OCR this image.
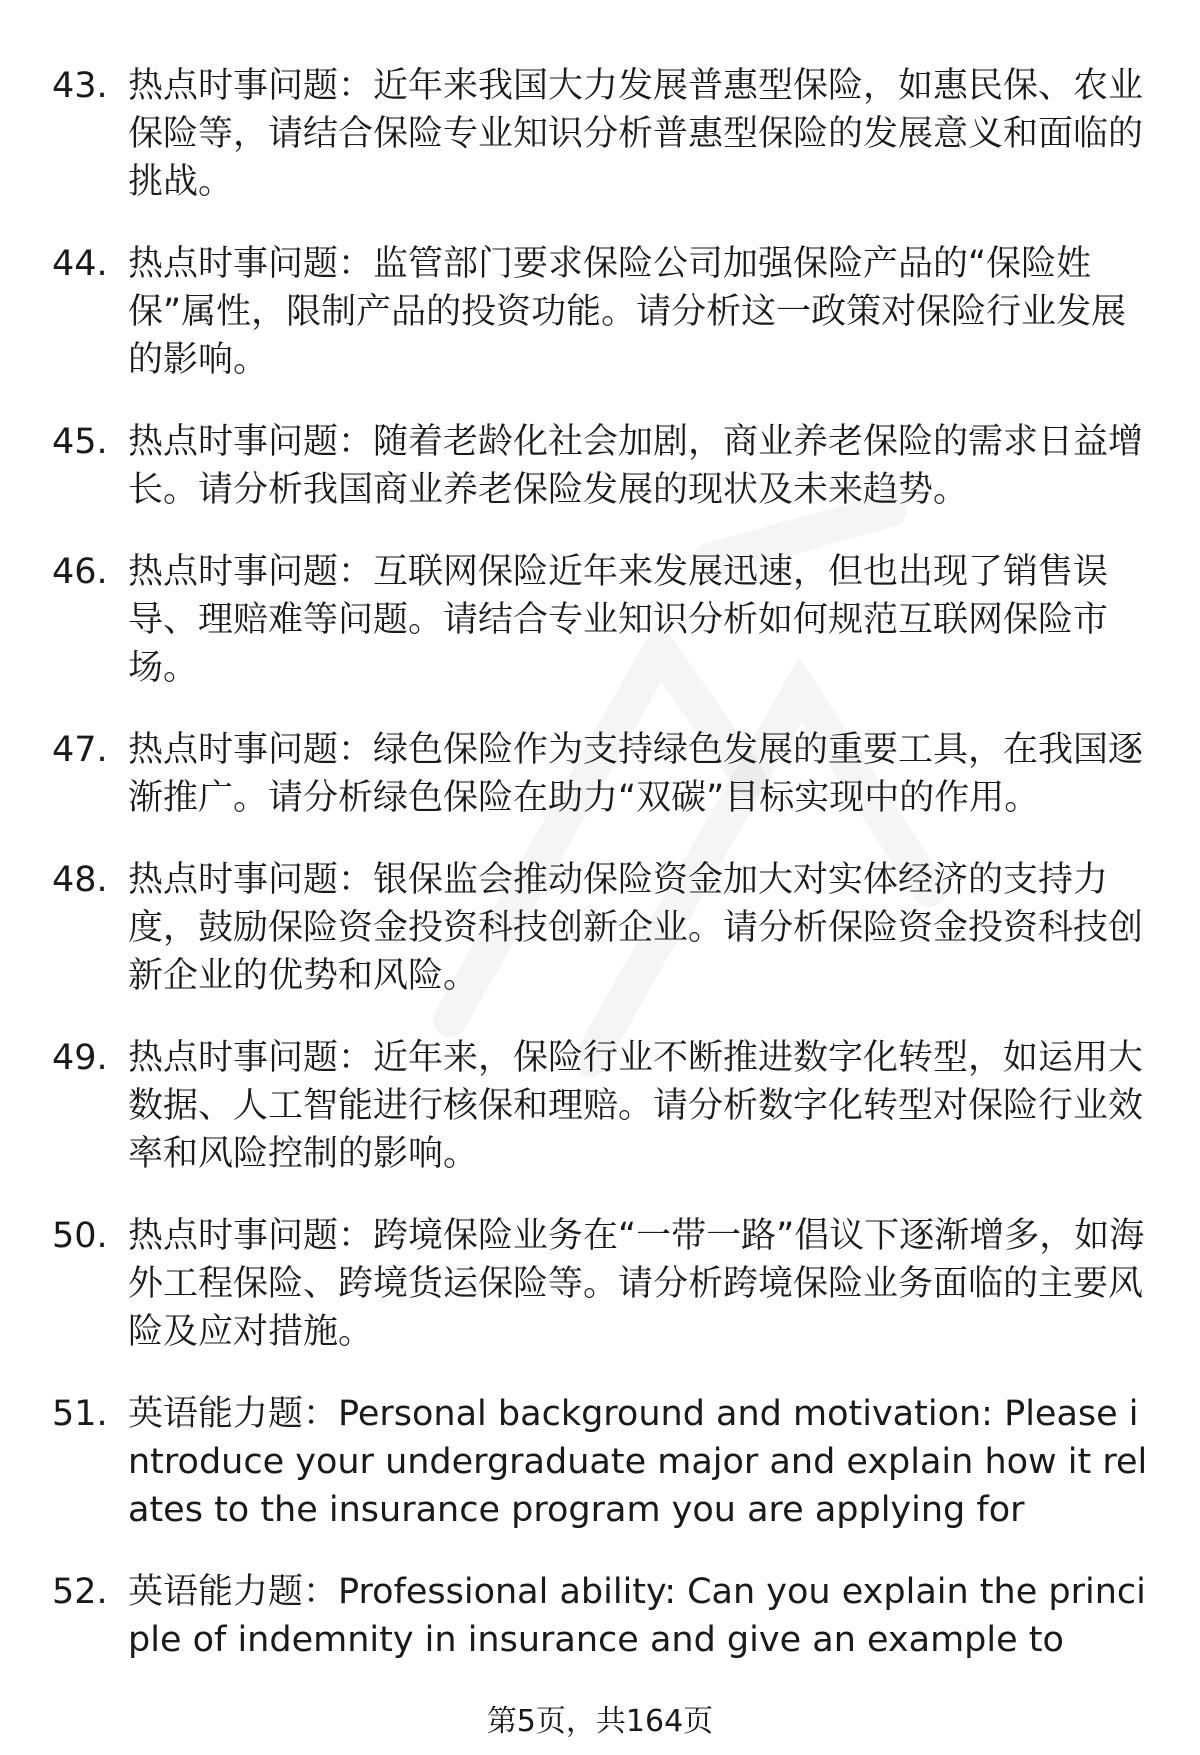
43. 热点时事问题：近年来我国大力发展普惠型保险，如惠民保、农业保险等，请结合保险专业知识分析普惠型保险的发展意义和面临的挑战。
44. 热点时事问题：监管部门要求保险公司加强保险产品的“保险姓保”属性，限制产品的投资功能。请分析这一政策对保险行业发展的影响。
45. 热点时事问题：随着老龄化社会加剧，商业养老保险的需求日益增长。请分析我国商业养老保险发展的现状及未来趋势。
46. 热点时事问题：互联网保险近年来发展迅速，但也出现了销售误导、理赔难等问题。请结合专业知识分析如何规范互联网保险市场。
47. 热点时事问题：绿色保险作为支持绿色发展的重要工具，在我国逐渐推广。请分析绿色保险在助力“双碳”目标实现中的作用。
48. 热点时事问题：银保监会推动保险资金加大对实体经济的支持力度，鼓励保险资金投资科技创新企业。请分析保险资金投资科技创新企业的优势和风险。
49. 热点时事问题：近年来，保险行业不断推进数字化转型，如运用大数据、人工智能进行核保和理赔。请分析数字化转型对保险行业效率和风险控制的影响。
50. 热点时事问题：跨境保险业务在“一带一路”倡议下逐渐增多，如海外工程保险、跨境货运保险等。请分析跨境保险业务面临的主要风险及应对措施。
51. 英语能力题：Personal background and motivation: Please introduce your undergraduate major and explain how it relates to the insurance program you are applying for
52. 英语能力题：Professional ability: Can you explain the principle of indemnity in insurance and give an example to
第5页，共164页
